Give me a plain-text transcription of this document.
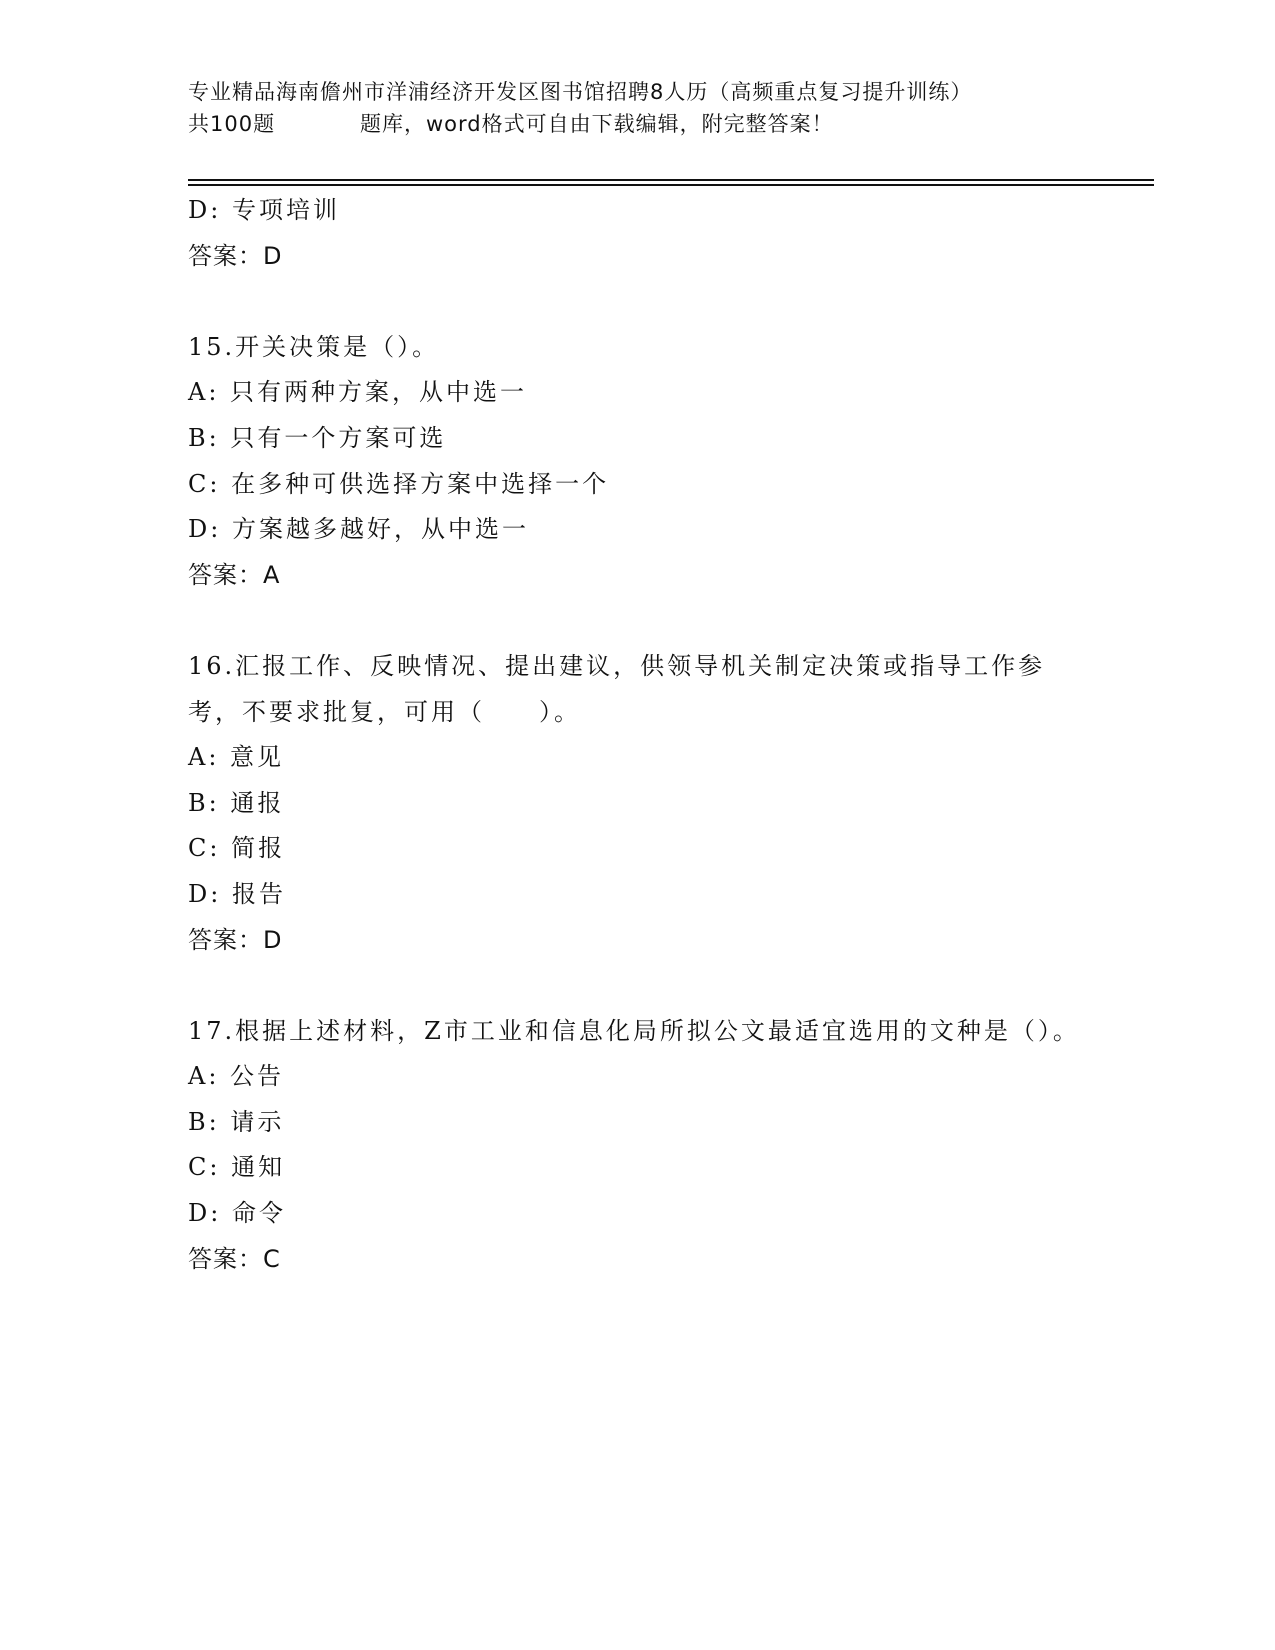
专业精品海南儋州市洋浦经济开发区图书馆招聘8人历（高频重点复习提升训练）
共100题	题库，word格式可自由下载编辑，附完整答案！
D: 专项培训
答案：D
15.开关决策是（）。
A: 只有两种方案，从中选一
B: 只有一个方案可选
C: 在多种可供选择方案中选择一个
D: 方案越多越好，从中选一
答案：A
16.汇报工作、反映情况、提出建议，供领导机关制定决策或指导工作参考，不要求批复，可用（　　）。
A: 意见
B: 通报
C: 简报
D: 报告
答案：D
17.根据上述材料，Z市工业和信息化局所拟公文最适宜选用的文种是（）。
A: 公告
B: 请示
C: 通知
D: 命令
答案：C
